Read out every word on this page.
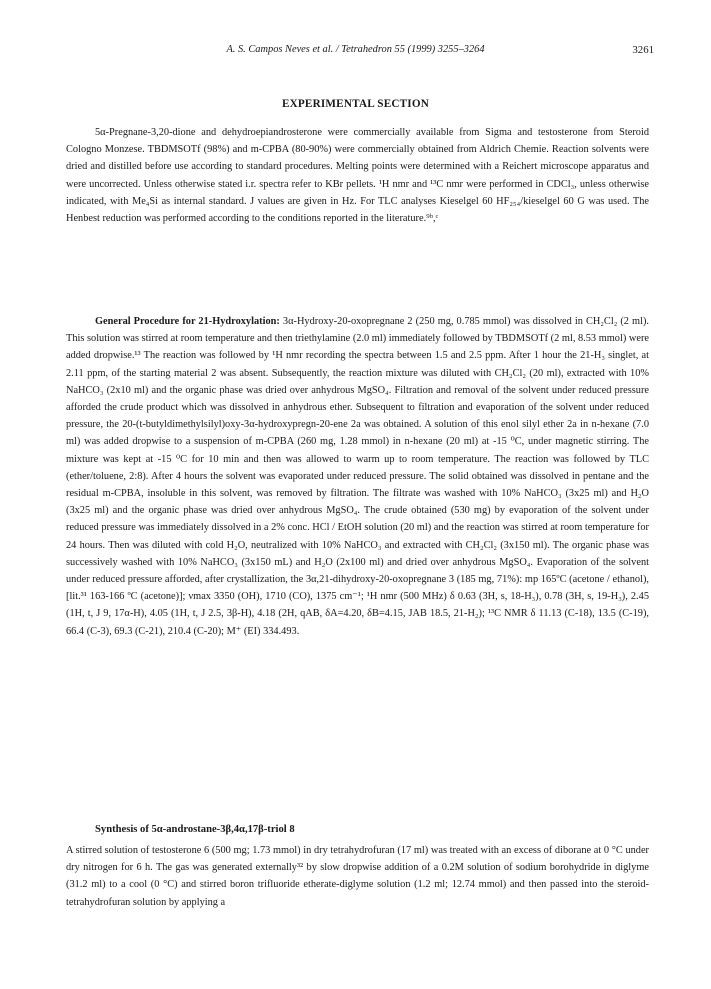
A. S. Campos Neves et al. / Tetrahedron 55 (1999) 3255–3264	3261
EXPERIMENTAL SECTION

5α-Pregnane-3,20-dione and dehydroepiandrosterone were commercially available from Sigma and testosterone from Steroid Cologno Monzese. TBDMSOTf (98%) and m-CPBA (80-90%) were commercially obtained from Aldrich Chemie. Reaction solvents were dried and distilled before use according to standard procedures. Melting points were determined with a Reichert microscope apparatus and were uncorrected. Unless otherwise stated i.r. spectra refer to KBr pellets. ¹H nmr and ¹³C nmr were performed in CDCl₃, unless otherwise indicated, with Me₄Si as internal standard. J values are given in Hz. For TLC analyses Kieselgel 60 HF₂₅₄/kieselgel 60 G was used. The Henbest reduction was performed according to the conditions reported in the literature.⁹ᵇ,ᶜ

General Procedure for 21-Hydroxylation: 3α-Hydroxy-20-oxopregnane 2 (250 mg, 0.785 mmol) was dissolved in CH₂Cl₂ (2 ml). This solution was stirred at room temperature and then triethylamine (2.0 ml) immediately followed by TBDMSOTf (2 ml, 8.53 mmol) were added dropwise.¹³ The reaction was followed by ¹H nmr recording the spectra between 1.5 and 2.5 ppm. After 1 hour the 21-H₃ singlet, at 2.11 ppm, of the starting material 2 was absent. Subsequently, the reaction mixture was diluted with CH₂Cl₂ (20 ml), extracted with 10% NaHCO₃ (2x10 ml) and the organic phase was dried over anhydrous MgSO₄. Filtration and removal of the solvent under reduced pressure afforded the crude product which was dissolved in anhydrous ether. Subsequent to filtration and evaporation of the solvent under reduced pressure, the 20-(t-butyldimethylsilyl)oxy-3α-hydroxypregn-20-ene 2a was obtained. A solution of this enol silyl ether 2a in n-hexane (7.0 ml) was added dropwise to a suspension of m-CPBA (260 mg, 1.28 mmol) in n-hexane (20 ml) at -15 ⁰C, under magnetic stirring. The mixture was kept at -15 ⁰C for 10 min and then was allowed to warm up to room temperature. The reaction was followed by TLC (ether/toluene, 2:8). After 4 hours the solvent was evaporated under reduced pressure. The solid obtained was dissolved in pentane and the residual m-CPBA, insoluble in this solvent, was removed by filtration. The filtrate was washed with 10% NaHCO₃ (3x25 ml) and H₂O (3x25 ml) and the organic phase was dried over anhydrous MgSO₄. The crude obtained (530 mg) by evaporation of the solvent under reduced pressure was immediately dissolved in a 2% conc. HCl / EtOH solution (20 ml) and the reaction was stirred at room temperature for 24 hours. Then was diluted with cold H₂O, neutralized with 10% NaHCO₃ and extracted with CH₂Cl₂ (3x150 ml). The organic phase was successively washed with 10% NaHCO₃ (3x150 mL) and H₂O (2x100 ml) and dried over anhydrous MgSO₄. Evaporation of the solvent under reduced pressure afforded, after crystallization, the 3α,21-dihydroxy-20-oxopregnane 3 (185 mg, 71%): mp 165ºC (acetone / ethanol), [lit.³¹ 163-166 ºC (acetone)]; νmax 3350 (OH), 1710 (CO), 1375 cm⁻¹; ¹H nmr (500 MHz) δ 0.63 (3H, s, 18-H₃), 0.78 (3H, s, 19-H₃), 2.45 (1H, t, J 9, 17α-H), 4.05 (1H, t, J 2.5, 3β-H), 4.18 (2H, qAB, δA=4.20, δB=4.15, JAB 18.5, 21-H₂); ¹³C NMR δ 11.13 (C-18), 13.5 (C-19), 66.4 (C-3), 69.3 (C-21), 210.4 (C-20); M⁺ (EI) 334.493.

Synthesis of 5α-androstane-3β,4α,17β-triol 8

A stirred solution of testosterone 6 (500 mg; 1.73 mmol) in dry tetrahydrofuran (17 ml) was treated with an excess of diborane at 0 °C under dry nitrogen for 6 h. The gas was generated externally³² by slow dropwise addition of a 0.2M solution of sodium borohydride in diglyme (31.2 ml) to a cool (0 °C) and stirred boron trifluoride etherate-diglyme solution (1.2 ml; 12.74 mmol) and then passed into the steroid-tetrahydrofuran solution by applying a
